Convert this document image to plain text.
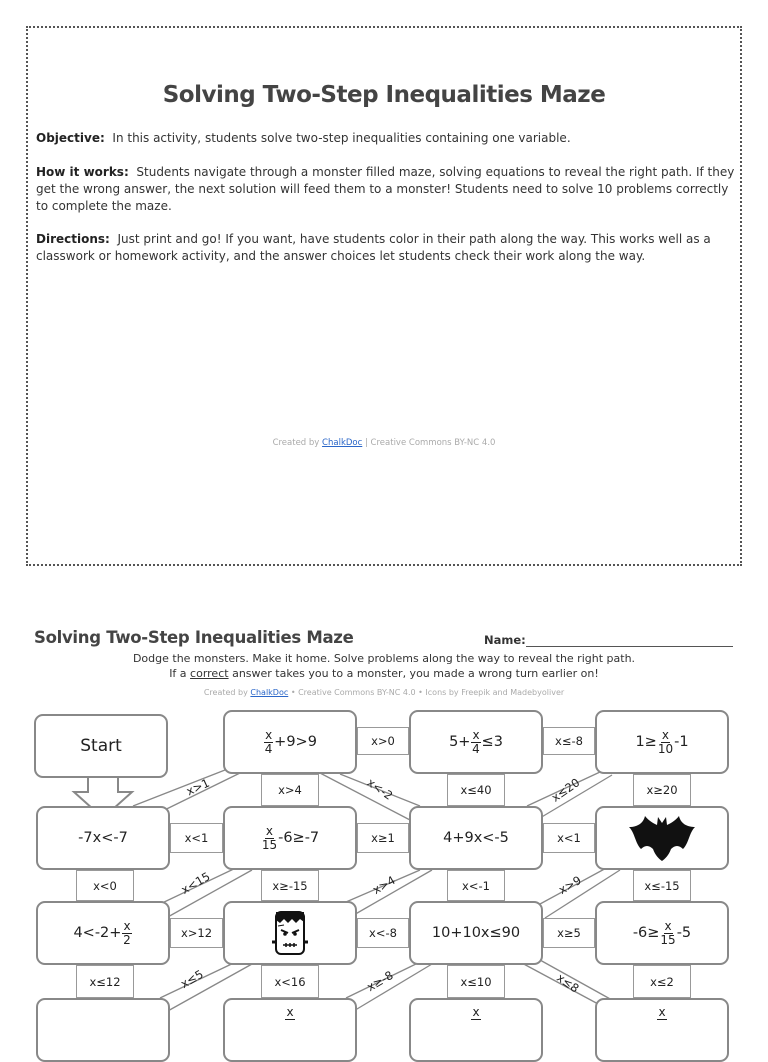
Solving Two-Step Inequalities Maze
Objective: In this activity, students solve two-step inequalities containing one variable.
How it works: Students navigate through a monster filled maze, solving equations to reveal the right path. If they get the wrong answer, the next solution will feed them to a monster! Students need to solve 10 problems correctly to complete the maze.
Directions: Just print and go! If you want, have students color in their path along the way. This works well as a classwork or homework activity, and the answer choices let students check their work along the way.
Created by ChalkDoc | Creative Commons BY-NC 4.0
Solving Two-Step Inequalities Maze	Name:
Dodge the monsters. Make it home. Solve problems along the way to reveal the right path.
If a correct answer takes you to a monster, you made a wrong turn earlier on!
Created by ChalkDoc • Creative Commons BY-NC 4.0 • Icons by Freepik and Madebyoliver
Start	$\frac{x}{4} +9>9$	$5+ \frac{x}{4} \le 3$	$1\ge \frac{x}{10} -1$
x>0	x≤-8
x>4	x≤40	x≥20
x>1	x<-2	x≤20
-7x<-7	$\frac{x}{15} -6\ge-7$	4+9x<-5
x<1	x≥1	x<1
x<0	x≥-15	x<-1	x≤-15
x<15	x>4	x>9
$4<-2+ \frac{x}{2}$	10+10x≤90	$-6\ge \frac{x}{15} -5$
x>12	x<-8	x≥5
x≤12	x<16	x≤10	x≤2
x≤5	x≥-8	x≤8
x	x	x
